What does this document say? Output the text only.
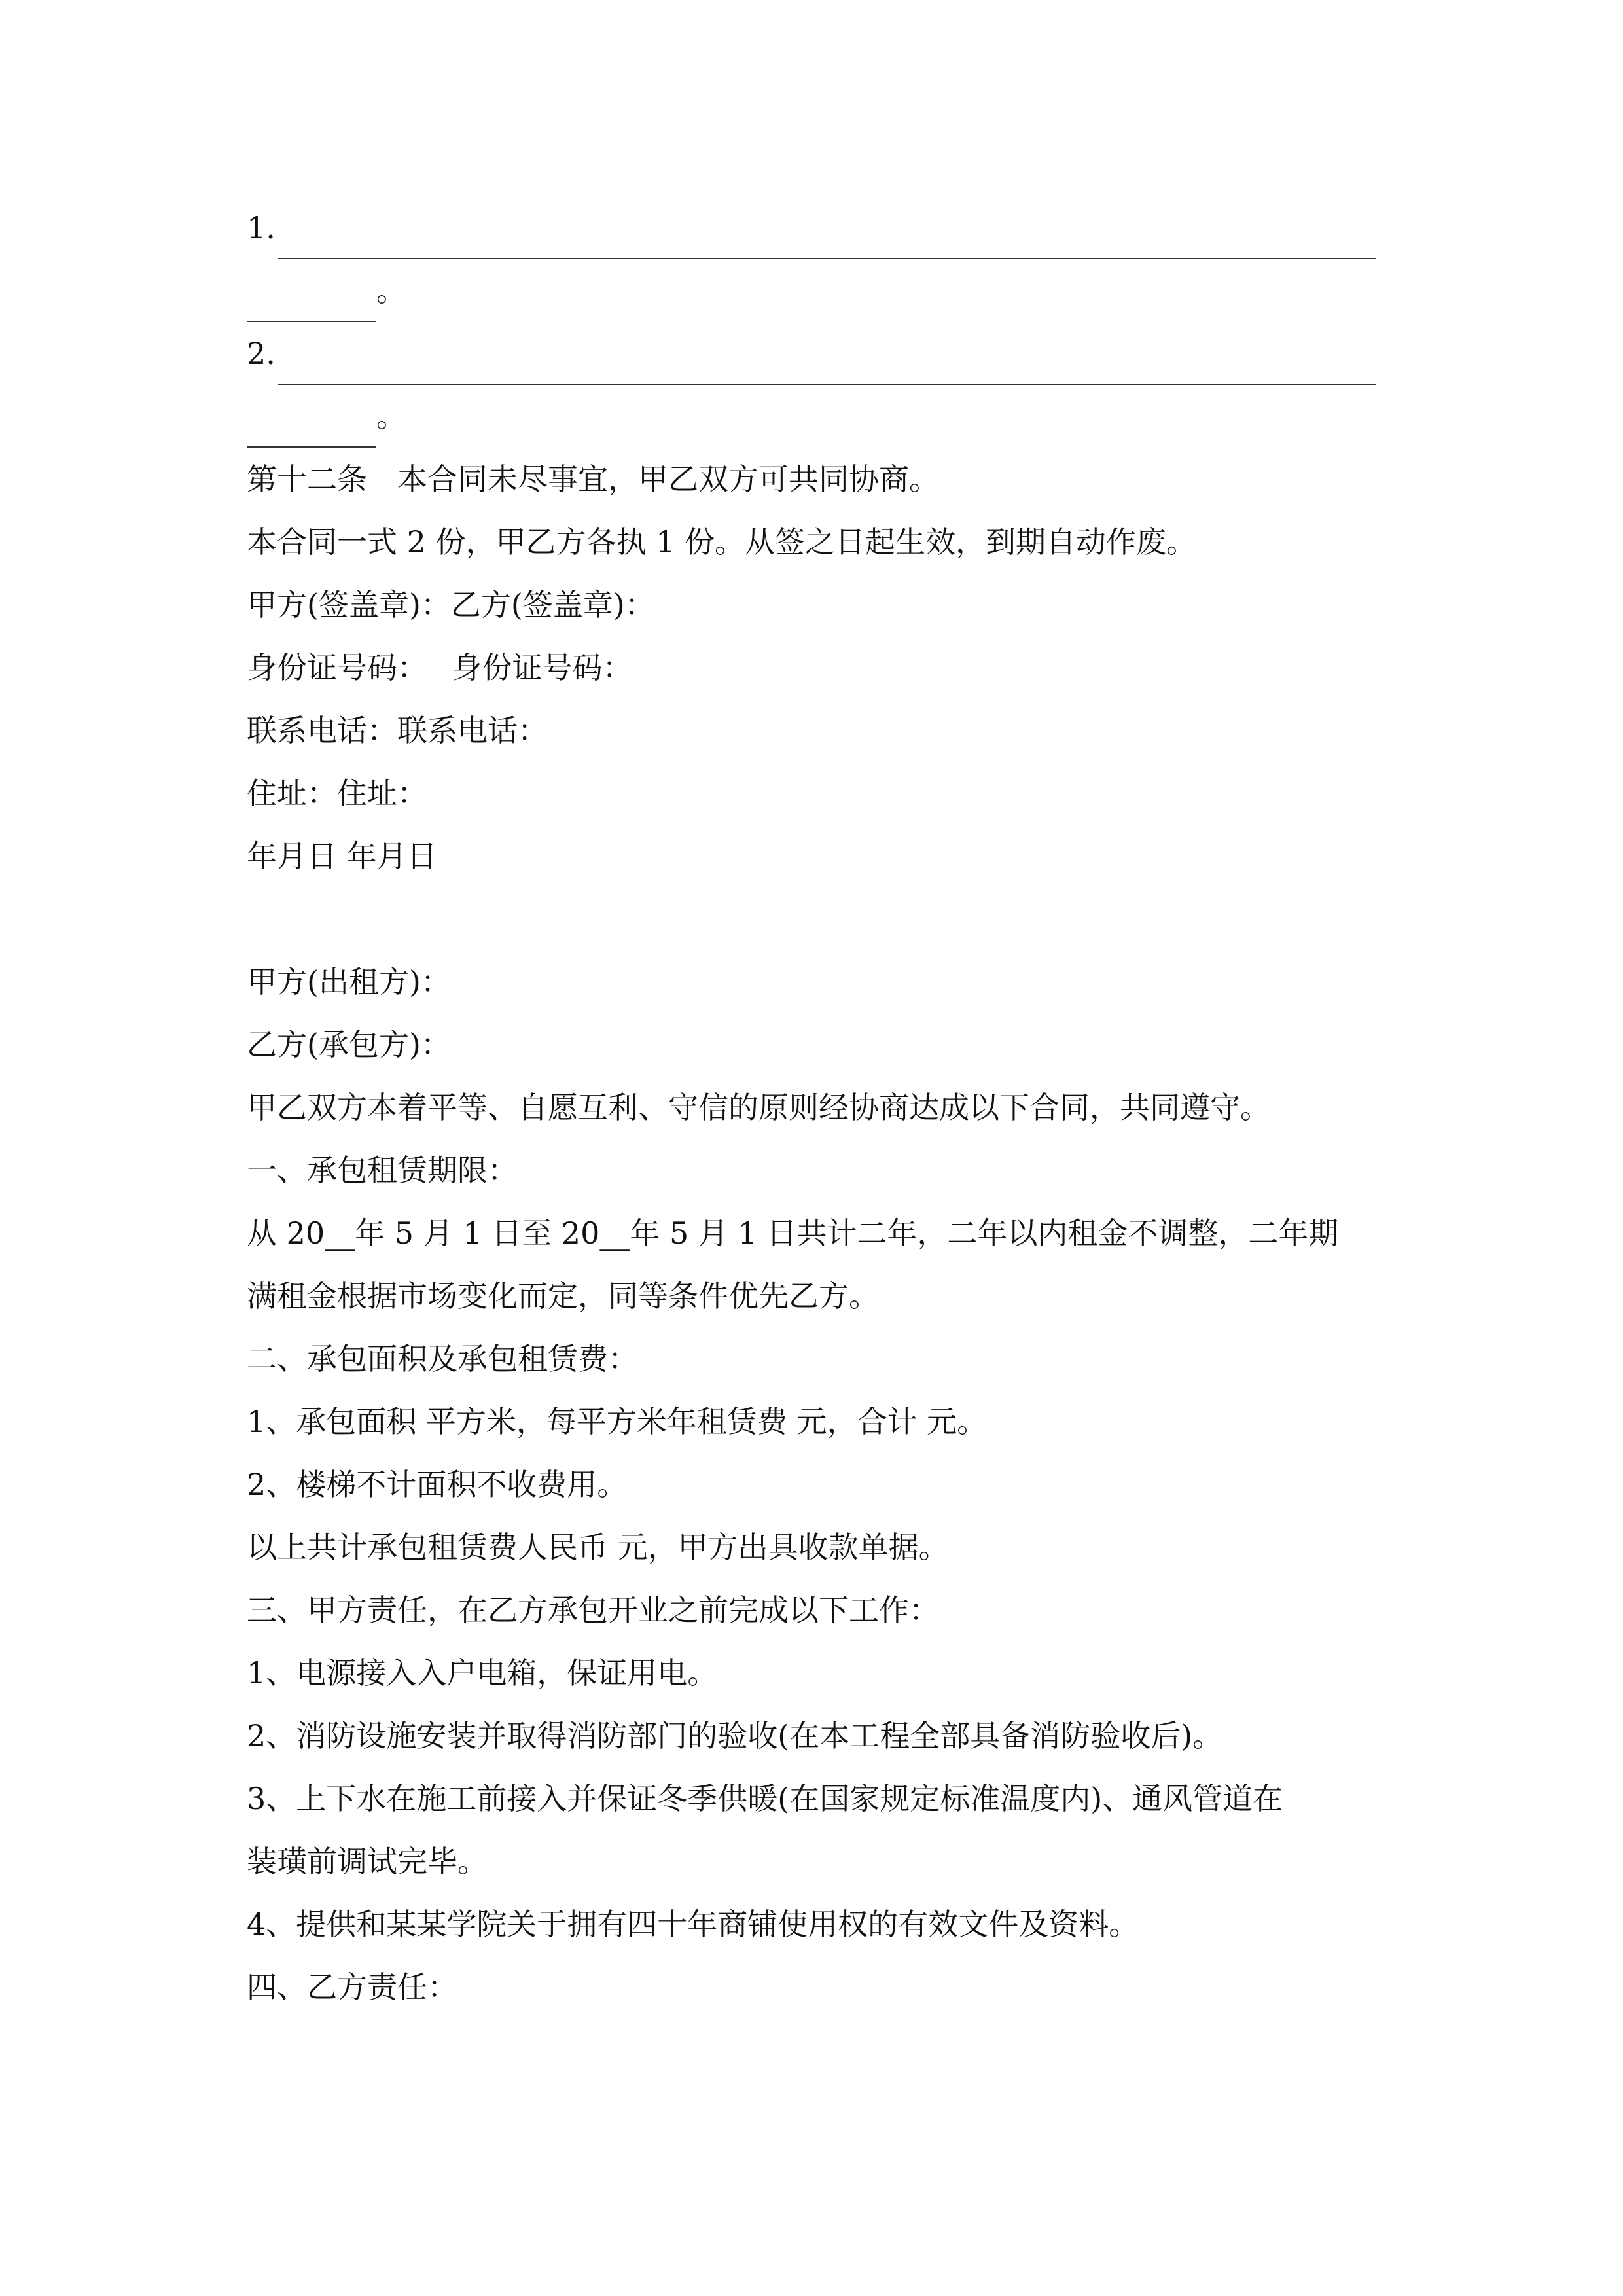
1.
。
2.
。
第十二条　本合同未尽事宜，甲乙双方可共同协商。
本合同一式 2 份，甲乙方各执 1 份。从签之日起生效，到期自动作废。
甲方(签盖章)：乙方(签盖章)：
身份证号码：　 身份证号码：
联系电话：联系电话：
住址：住址：
年月日 年月日
甲方(出租方)：
乙方(承包方)：
甲乙双方本着平等、自愿互利、守信的原则经协商达成以下合同，共同遵守。
一、承包租赁期限：
从 20__年 5 月 1 日至 20__年 5 月 1 日共计二年，二年以内租金不调整，二年期
满租金根据市场变化而定，同等条件优先乙方。
二、承包面积及承包租赁费：
1、承包面积 平方米，每平方米年租赁费 元，合计 元。
2、楼梯不计面积不收费用。
以上共计承包租赁费人民币 元，甲方出具收款单据。
三、甲方责任，在乙方承包开业之前完成以下工作：
1、电源接入入户电箱，保证用电。
2、消防设施安装并取得消防部门的验收(在本工程全部具备消防验收后)。
3、上下水在施工前接入并保证冬季供暖(在国家规定标准温度内)、通风管道在
装璜前调试完毕。
4、提供和某某学院关于拥有四十年商铺使用权的有效文件及资料。
四、乙方责任：
